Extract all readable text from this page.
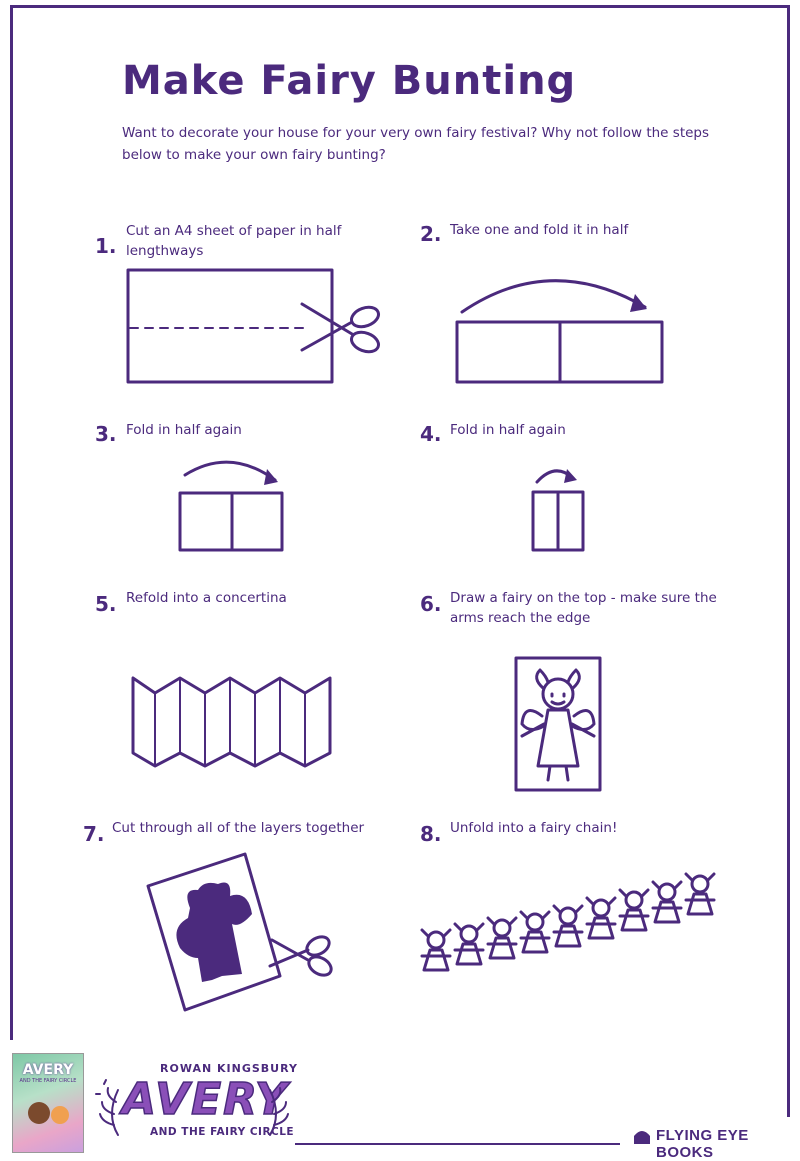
Make Fairy Bunting
Want to decorate your house for your very own fairy festival? Why not follow the steps below to make your own fairy bunting?
1.
Cut an A4 sheet of paper in half lengthways
2. Take one and fold it in half
3. Fold in half again	4. Fold in half again
5. Refold into a concertina	6. Draw a fairy on the top - make sure the arms reach the edge
7. Cut through all of the layers together	8. Unfold into a fairy chain!
AVERY
AND THE FAIRY CIRCLE
ROWAN KINGSBURY
AVERY
AND THE FAIRY CIRCLE	FLYING EYE BOOKS
